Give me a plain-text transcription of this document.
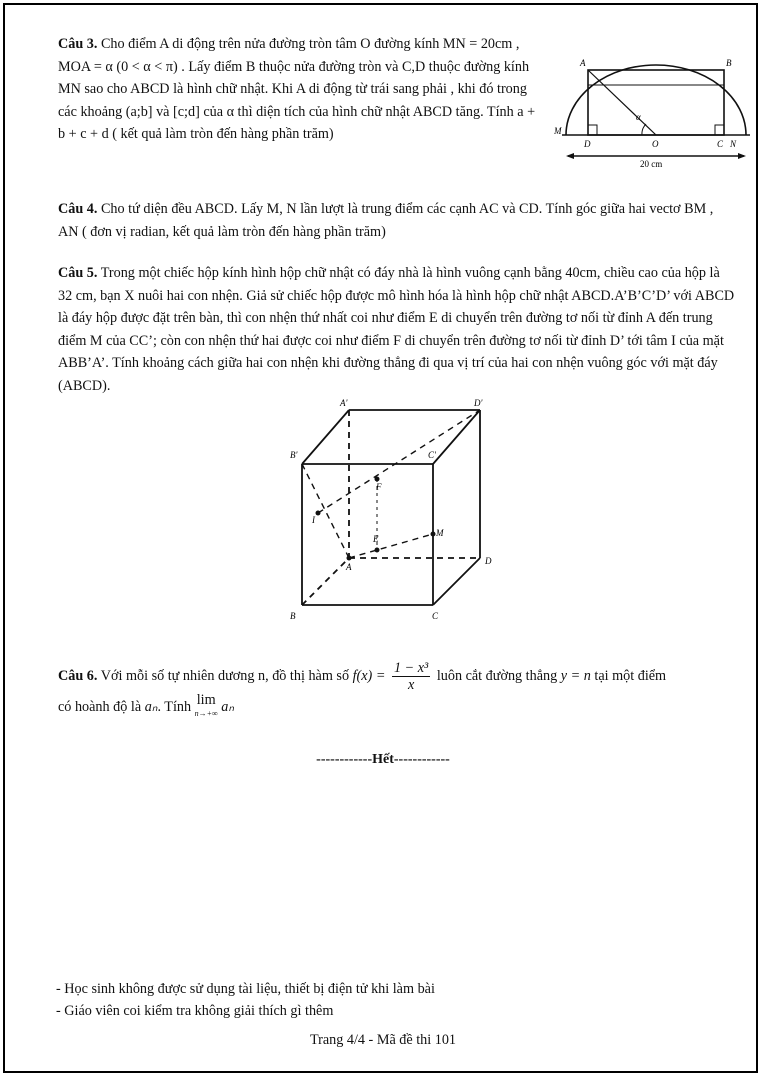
Câu 3. Cho điểm A di động trên nửa đường tròn tâm O đường kính MN = 20cm , MOA = α (0 < α < π) . Lấy điểm B thuộc nửa đường tròn và C,D thuộc đường kính MN sao cho ABCD là hình chữ nhật. Khi A di động từ trái sang phải , khi đó trong các khoảng (a;b] và [c;d] của α thì diện tích của hình chữ nhật ABCD tăng. Tính a + b + c + d ( kết quả làm tròn đến hàng phần trăm)
A	B
M
D	O	C N
α
20 cm
Câu 4. Cho tứ diện đều ABCD. Lấy M, N lần lượt là trung điểm các cạnh AC và CD. Tính góc giữa hai vectơ BM , AN ( đơn vị radian, kết quả làm tròn đến hàng phần trăm)
Câu 5. Trong một chiếc hộp kính hình hộp chữ nhật có đáy nhà là hình vuông cạnh bằng 40cm, chiều cao của hộp là 32 cm, bạn X nuôi hai con nhện. Giả sử chiếc hộp được mô hình hóa là hình hộp chữ nhật ABCD.A’B’C’D’ với ABCD là đáy hộp được đặt trên bàn, thì con nhện thứ nhất coi như điểm E di chuyển trên đường tơ nối từ đỉnh A đến trung điểm M của CC’; còn con nhện thứ hai được coi như điểm F di chuyển trên đường tơ nối từ đỉnh D’ tới tâm I của mặt ABB’A’. Tính khoảng cách giữa hai con nhện khi đường thẳng đi qua vị trí của hai con nhện vuông góc với mặt đáy (ABCD).
A'	D'
B'	C'
F
I
E
M
A
D
B	C
Câu 6. Với mỗi số tự nhiên dương n, đồ thị hàm số $f(x) = \frac{\text{1 − x³}}{x}$ luôn cắt đường thẳng y = n tại một điểm
có hoành độ là aₙ. Tính lim
n→+∞ aₙ
------------Hết------------
- Học sinh không được sử dụng tài liệu, thiết bị điện tử khi làm bài
- Giáo viên coi kiểm tra không giải thích gì thêm
Trang 4/4 - Mã đề thi 101
